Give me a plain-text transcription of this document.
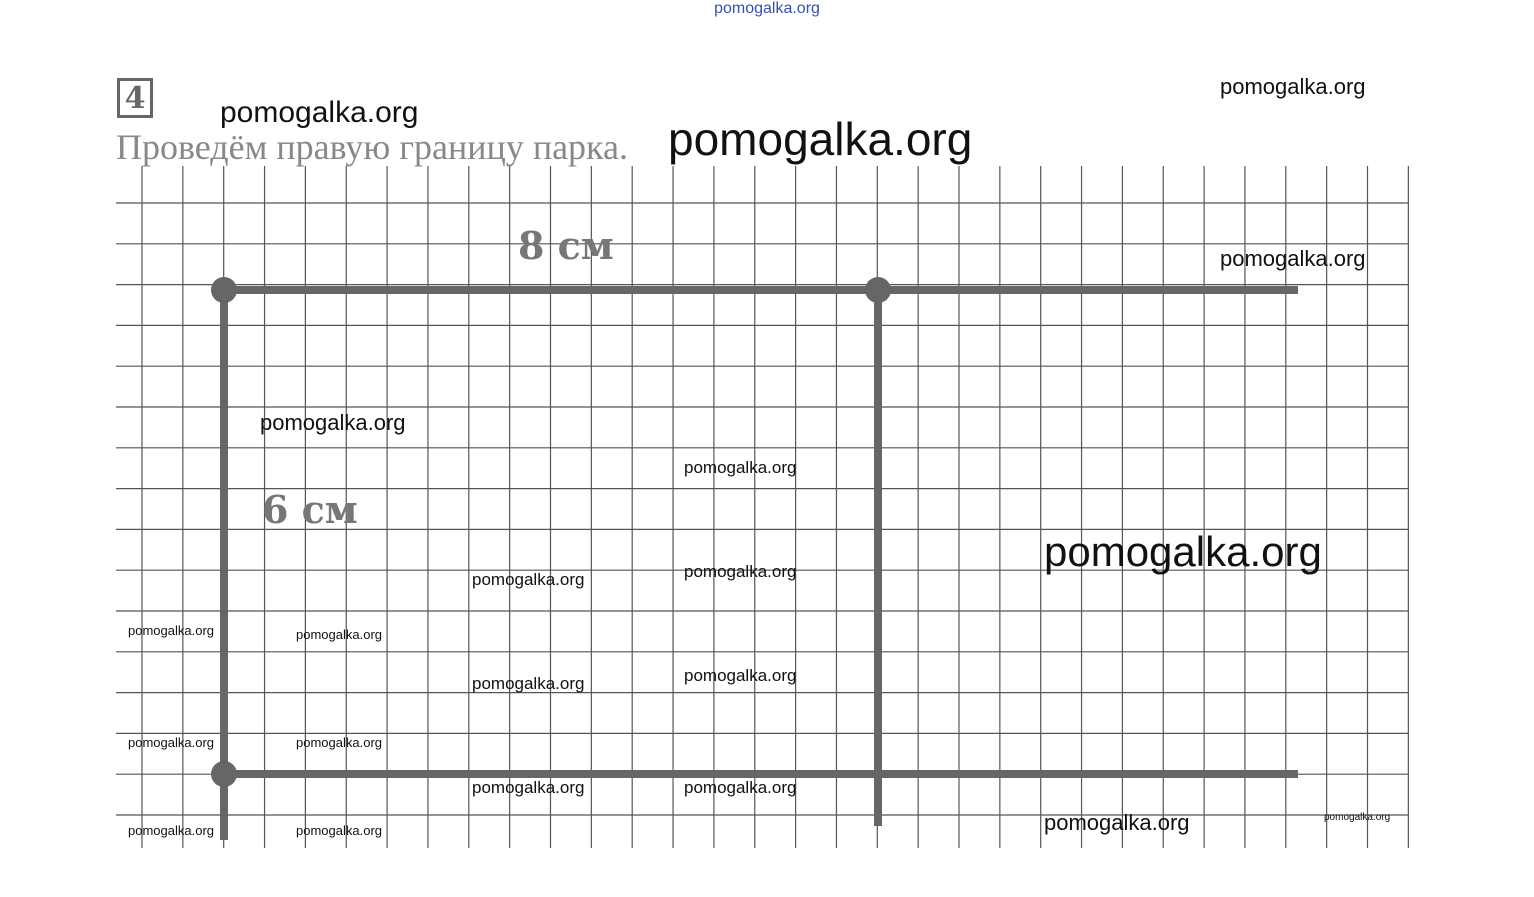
pomogalka.org
4
Проведём правую границу парка.
8 см
6 см
pomogalka.org
pomogalka.org
pomogalka.org
pomogalka.org
pomogalka.org
pomogalka.org
pomogalka.org
pomogalka.org	pomogalka.org
pomogalka.org	pomogalka.org
pomogalka.org	pomogalka.org
pomogalka.org	pomogalka.org
pomogalka.org	pomogalka.org
pomogalka.org	pomogalka.org
pomogalka.org	pomogalka.org
